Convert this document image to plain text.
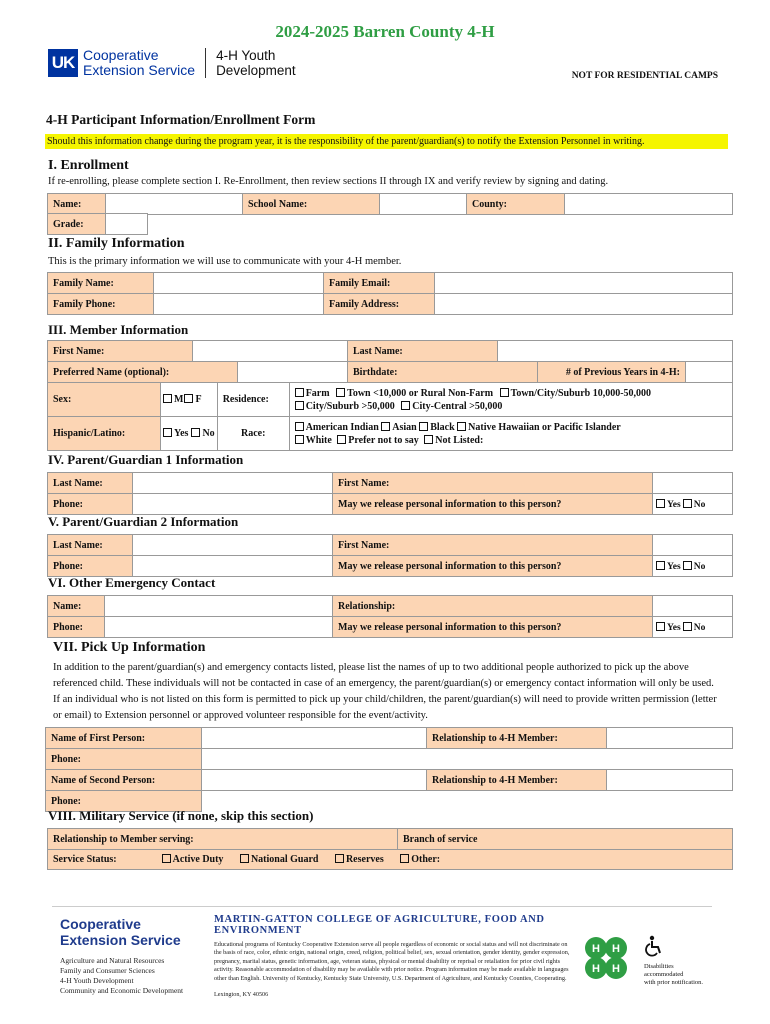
2024-2025 Barren County 4-H
UK Cooperative
Extension Service
4-H Youth
Development	NOT FOR RESIDENTIAL CAMPS
4-H Participant Information/Enrollment Form
Should this information change during the program year, it is the responsibility of the parent/guardian(s) to notify the Extension Personnel in writing.
I. Enrollment
If re-enrolling, please complete section I. Re-Enrollment, then review sections II through IX and verify review by signing and dating.
Name:		School Name:		County:	
Grade:	
II. Family Information
This is the primary information we will use to communicate with your 4-H member.
Family Name:		Family Email:	
Family Phone:		Family Address:	
III. Member Information
First Name:		Last Name:	
Preferred Name (optional):		Birthdate:	# of Previous Years in 4-H:	
Sex:	M F	Residence:	Farm Town <10,000 or Rural Non-Farm Town/City/Suburb 10,000-50,000
City/Suburb >50,000 City-Central >50,000
Hispanic/Latino:	Yes No	Race:	American Indian Asian Black Native Hawaiian or Pacific Islander
White Prefer not to say Not Listed:
IV. Parent/Guardian 1 Information
Last Name:		First Name:	
Phone:		May we release personal information to this person?	Yes No
V. Parent/Guardian 2 Information
Last Name:		First Name:	
Phone:		May we release personal information to this person?	Yes No
VI. Other Emergency Contact
Name:		Relationship:	
Phone:		May we release personal information to this person?	Yes No
VII. Pick Up Information
In addition to the parent/guardian(s) and emergency contacts listed, please list the names of up to two additional people authorized to pick up the above referenced child. These individuals will not be contacted in case of an emergency, the parent/guardian(s) or emergency contact information will only be used. If an individual who is not listed on this form is permitted to pick up your child/children, the parent/guardian(s) will need to provide written permission (letter or email) to Extension personnel or approved volunteer responsible for the event/activity.
Name of First Person:		Relationship to 4-H Member:	
Phone:			
Name of Second Person:		Relationship to 4-H Member:	
Phone:			
VIII. Military Service (if none, skip this section)
Relationship to Member serving:	Branch of service
Service Status:	Active Duty	National Guard	Reserves	Other:
Cooperative
Extension Service
Agriculture and Natural Resources
Family and Consumer Sciences
4-H Youth Development
Community and Economic Development
MARTIN-GATTON COLLEGE OF AGRICULTURE, FOOD AND ENVIRONMENT
Educational programs of Kentucky Cooperative Extension serve all people regardless of economic or social status and will not discriminate on the basis of race, color, ethnic origin, national origin, creed, religion, political belief, sex, sexual orientation, gender identity, gender expression, pregnancy, marital status, genetic information, age, veteran status, physical or mental disability or reprisal or retaliation for prior civil rights activity. Reasonable accommodation of disability may be available with prior notice. Program information may be made available in languages other than English. University of Kentucky, Kentucky State University, U.S. Department of Agriculture, and Kentucky Counties, Cooperating.
Lexington, KY 40506
H H
H H	Disabilities
accommodated
with prior notification.
